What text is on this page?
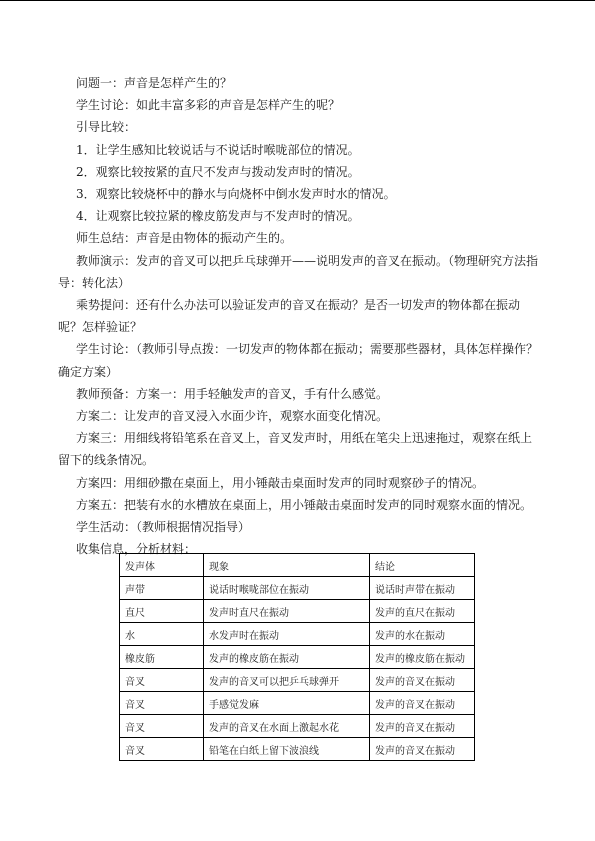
问题一：声音是怎样产生的？

学生讨论：如此丰富多彩的声音是怎样产生的呢？

引导比较：

1．让学生感知比较说话与不说话时喉咙部位的情况。

2．观察比较按紧的直尺不发声与拨动发声时的情况。

3．观察比较烧杯中的静水与向烧杯中倒水发声时水的情况。

4．让观察比较拉紧的橡皮筋发声与不发声时的情况。

师生总结：声音是由物体的振动产生的。

教师演示：发声的音叉可以把乒乓球弹开——说明发声的音叉在振动。（物理研究方法指导：转化法）

乘势提问：还有什么办法可以验证发声的音叉在振动？是否一切发声的物体都在振动呢？怎样验证？

学生讨论：（教师引导点拨：一切发声的物体都在振动；需要那些器材，具体怎样操作？确定方案）

教师预备：方案一：用手轻触发声的音叉，手有什么感觉。

方案二：让发声的音叉浸入水面少许，观察水面变化情况。

方案三：用细线将铅笔系在音叉上，音叉发声时，用纸在笔尖上迅速拖过，观察在纸上留下的线条情况。

方案四：用细砂撒在桌面上，用小锤敲击桌面时发声的同时观察砂子的情况。

方案五：把装有水的水槽放在桌面上，用小锤敲击桌面时发声的同时观察水面的情况。

学生活动：（教师根据情况指导）

收集信息，分析材料：

发声体	现象	结论
声带	说话时喉咙部位在振动	说话时声带在振动
直尺	发声时直尺在振动	发声的直尺在振动
水	水发声时在振动	发声的水在振动
橡皮筋	发声的橡皮筋在振动	发声的橡皮筋在振动
音叉	发声的音叉可以把乒乓球弹开	发声的音叉在振动
音叉	手感觉发麻	发声的音叉在振动
音叉	发声的音叉在水面上激起水花	发声的音叉在振动
音叉	铅笔在白纸上留下波浪线	发声的音叉在振动
